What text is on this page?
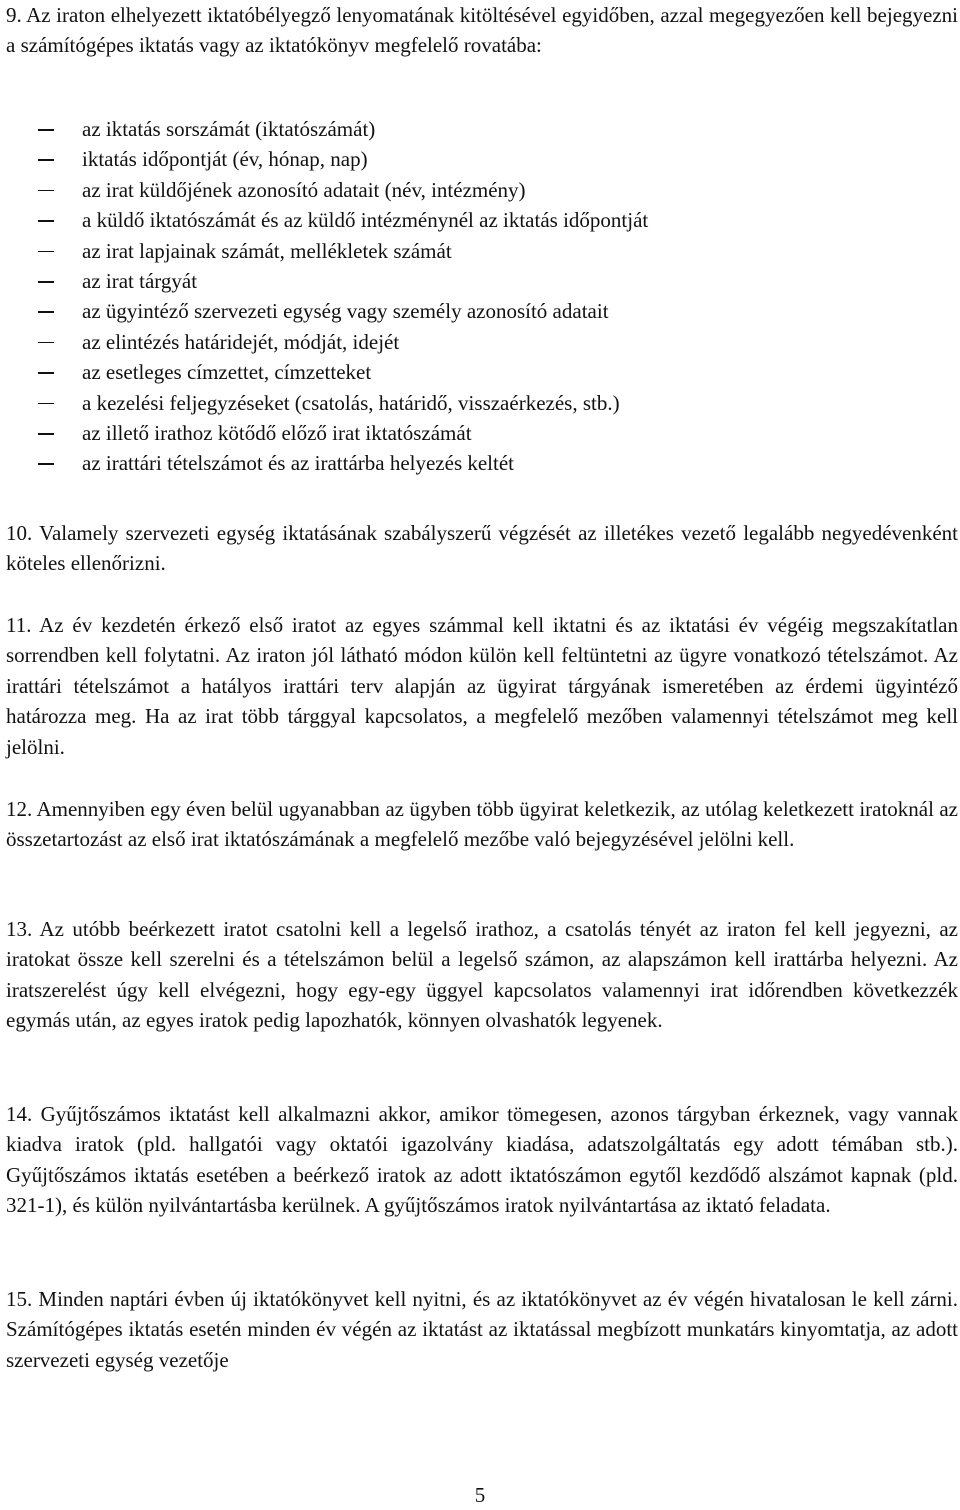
9. Az iraton elhelyezett iktatóbélyegző lenyomatának kitöltésével egyidőben, azzal megegyezően kell bejegyezni a számítógépes iktatás vagy az iktatókönyv megfelelő rovatába:

az iktatás sorszámát (iktatószámát)
iktatás időpontját (év, hónap, nap)
az irat küldőjének azonosító adatait (név, intézmény)
a küldő iktatószámát és az küldő intézménynél az iktatás időpontját
az irat lapjainak számát, mellékletek számát
az irat tárgyát
az ügyintéző szervezeti egység vagy személy azonosító adatait
az elintézés határidejét, módját, idejét
az esetleges címzettet, címzetteket
a kezelési feljegyzéseket (csatolás, határidő, visszaérkezés, stb.)
az illető irathoz kötődő előző irat iktatószámát
az irattári tételszámot és az irattárba helyezés keltét

10. Valamely szervezeti egység iktatásának szabályszerű végzését az illetékes vezető legalább negyedévenként köteles ellenőrizni.

11. Az év kezdetén érkező első iratot az egyes számmal kell iktatni és az iktatási év végéig megszakítatlan sorrendben kell folytatni. Az iraton jól látható módon külön kell feltüntetni az ügyre vonatkozó tételszámot. Az irattári tételszámot a hatályos irattári terv alapján az ügyirat tárgyának ismeretében az érdemi ügyintéző határozza meg. Ha az irat több tárggyal kapcsolatos, a megfelelő mezőben valamennyi tételszámot meg kell jelölni.

12. Amennyiben egy éven belül ugyanabban az ügyben több ügyirat keletkezik, az utólag keletkezett iratoknál az összetartozást az első irat iktatószámának a megfelelő mezőbe való bejegyzésével jelölni kell.

13. Az utóbb beérkezett iratot csatolni kell a legelső irathoz, a csatolás tényét az iraton fel kell jegyezni, az iratokat össze kell szerelni és a tételszámon belül a legelső számon, az alapszámon kell irattárba helyezni. Az iratszerelést úgy kell elvégezni, hogy egy-egy üggyel kapcsolatos valamennyi irat időrendben következzék egymás után, az egyes iratok pedig lapozhatók, könnyen olvashatók legyenek.

14. Gyűjtőszámos iktatást kell alkalmazni akkor, amikor tömegesen, azonos tárgyban érkeznek, vagy vannak kiadva iratok (pld. hallgatói vagy oktatói igazolvány kiadása, adatszolgáltatás egy adott témában stb.). Gyűjtőszámos iktatás esetében a beérkező iratok az adott iktatószámon egytől kezdődő alszámot kapnak (pld. 321-1), és külön nyilvántartásba kerülnek. A gyűjtőszámos iratok nyilvántartása az iktató feladata.

15. Minden naptári évben új iktatókönyvet kell nyitni, és az iktatókönyvet az év végén hivatalosan le kell zárni. Számítógépes iktatás esetén minden év végén az iktatást az iktatással megbízott munkatárs kinyomtatja, az adott szervezeti egység vezetője

5
